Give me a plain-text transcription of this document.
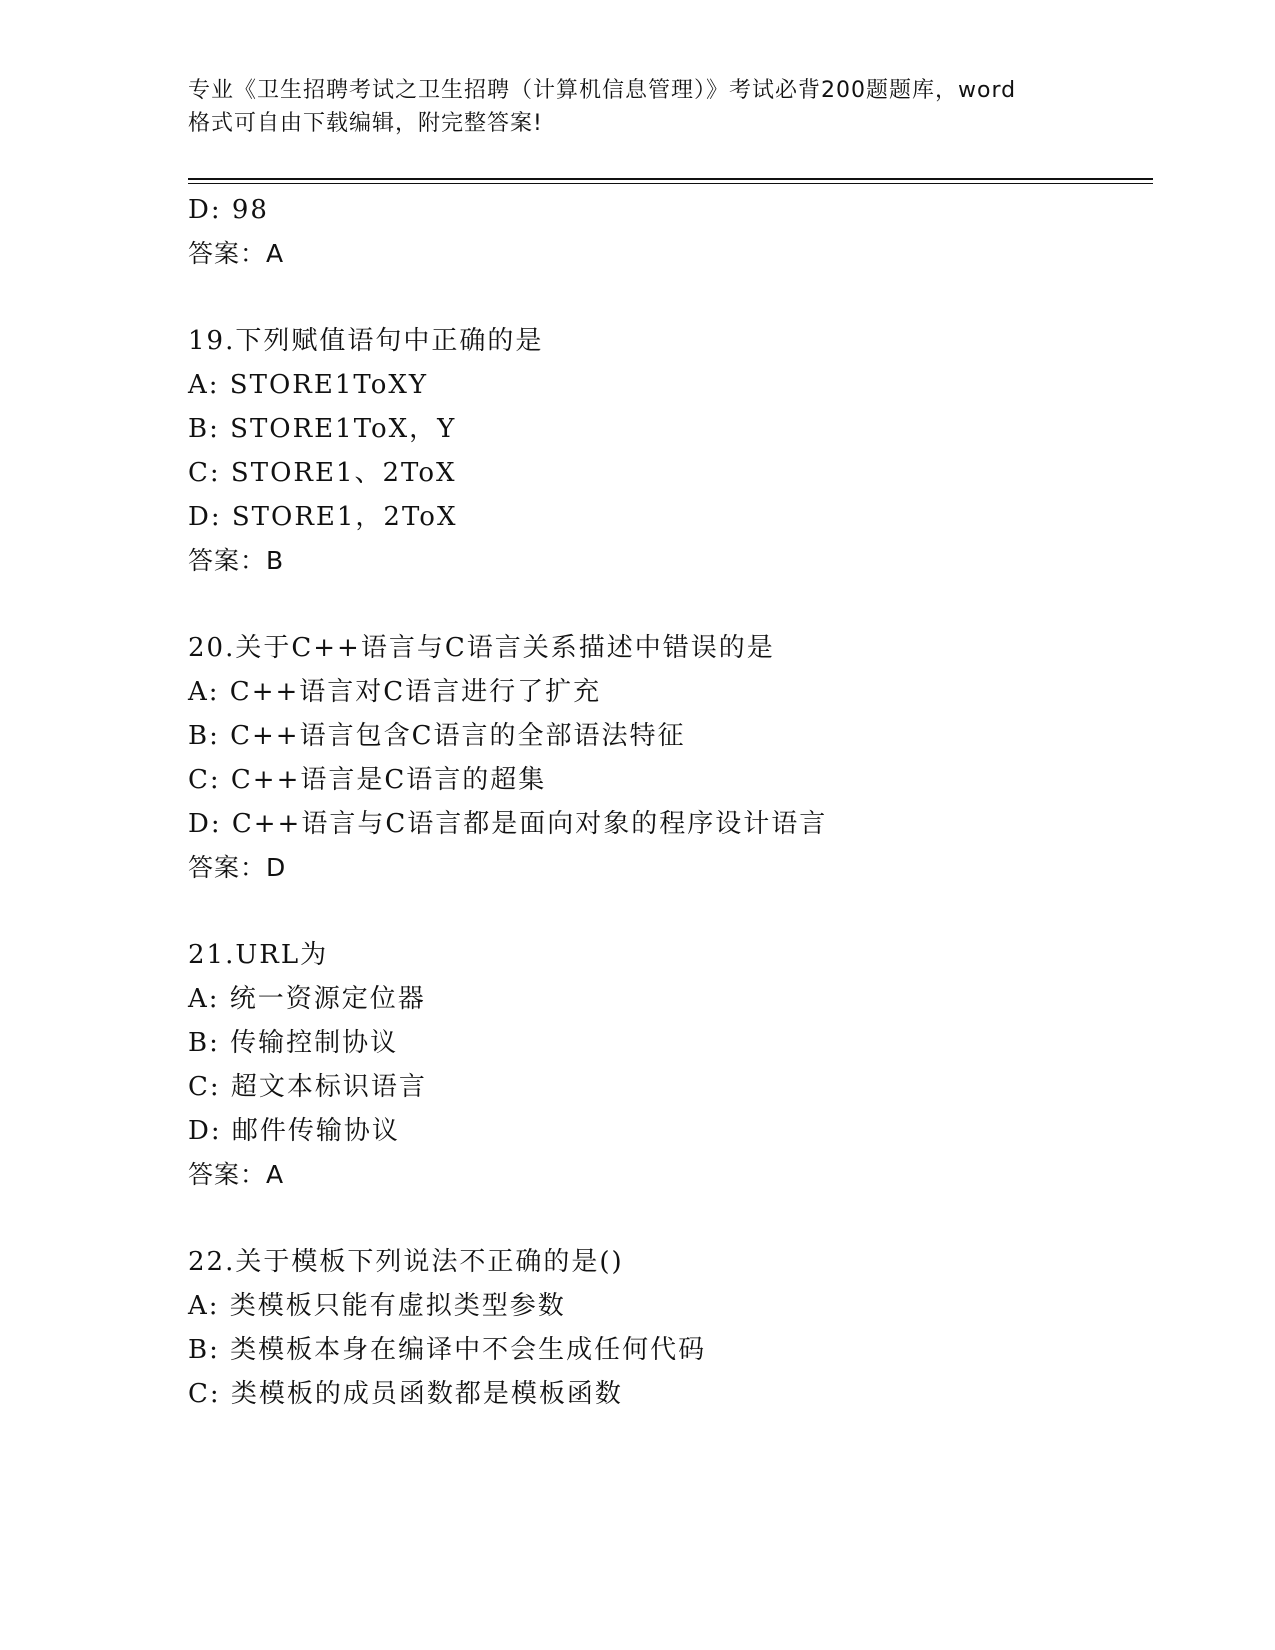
专业《卫生招聘考试之卫生招聘（计算机信息管理）》考试必背200题题库，word
格式可自由下载编辑，附完整答案!
D: 98
答案：A
19.下列赋值语句中正确的是
A: STORE1ToXY
B: STORE1ToX，Y
C: STORE1、2ToX
D: STORE1，2ToX
答案：B
20.关于C++语言与C语言关系描述中错误的是
A: C++语言对C语言进行了扩充
B: C++语言包含C语言的全部语法特征
C: C++语言是C语言的超集
D: C++语言与C语言都是面向对象的程序设计语言
答案：D
21.URL为
A: 统一资源定位器
B: 传输控制协议
C: 超文本标识语言
D: 邮件传输协议
答案：A
22.关于模板下列说法不正确的是()
A: 类模板只能有虚拟类型参数
B: 类模板本身在编译中不会生成任何代码
C: 类模板的成员函数都是模板函数
